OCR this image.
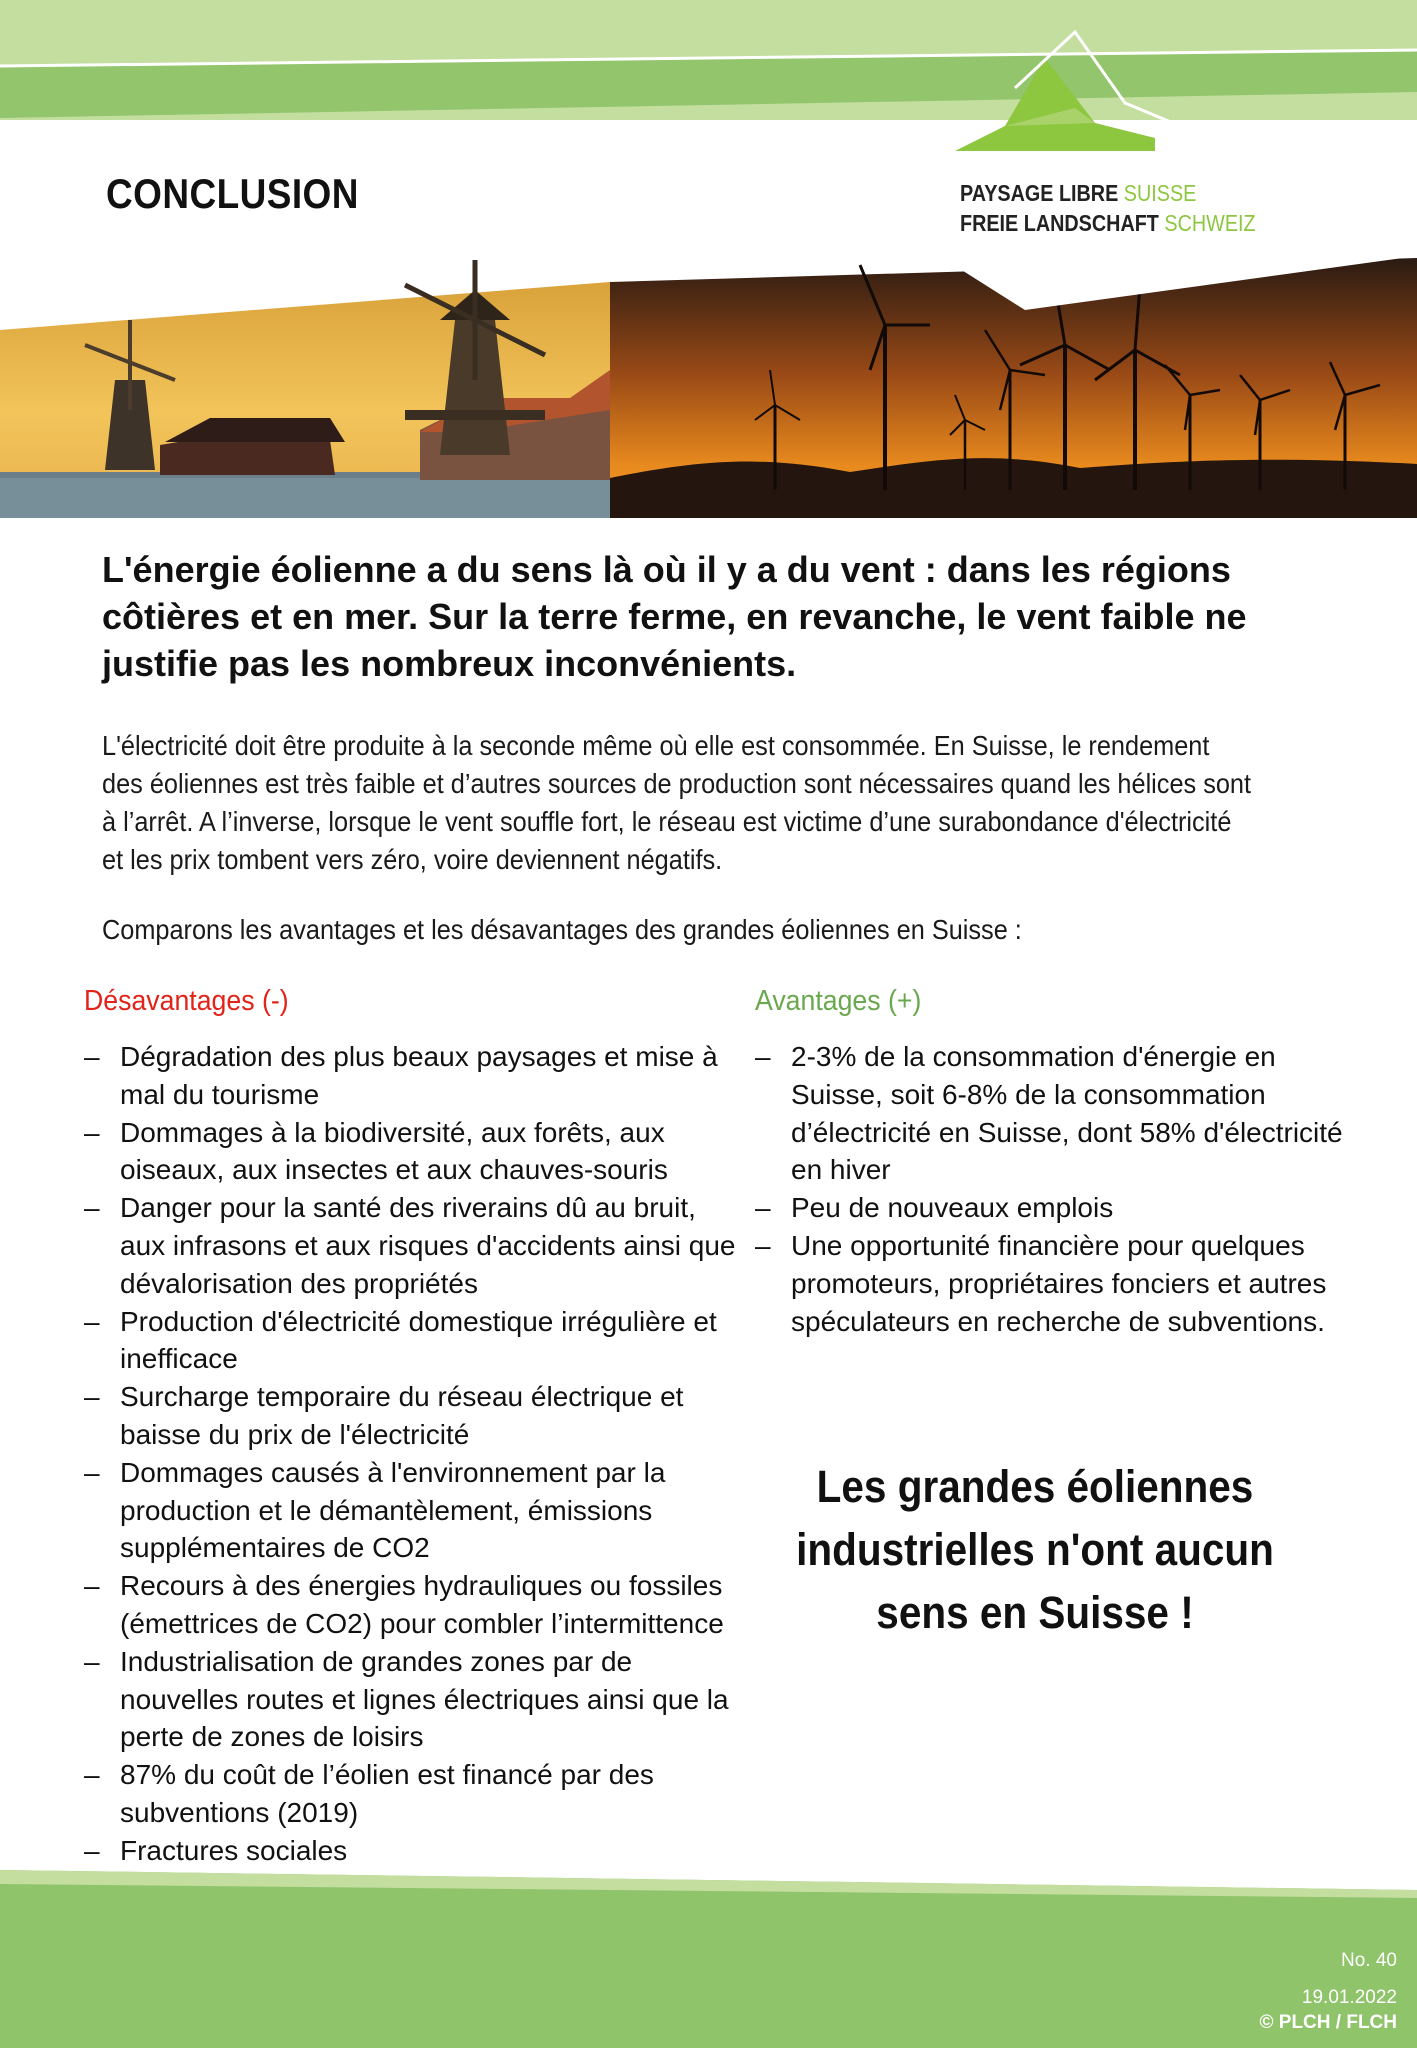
PAYSAGE LIBRE SUISSE
FREIE LANDSCHAFT SCHWEIZ
CONCLUSION
L'énergie éolienne a du sens là où il y a du vent : dans les régions côtières et en mer. Sur la terre ferme, en revanche, le vent faible ne justifie pas les nombreux inconvénients.
L'électricité doit être produite à la seconde même où elle est consommée. En Suisse, le rendement des éoliennes est très faible et d’autres sources de production sont nécessaires quand les hélices sont à l’arrêt. A l’inverse, lorsque le vent souffle fort, le réseau est victime d’une surabondance d'électricité et les prix tombent vers zéro, voire deviennent négatifs.
Comparons les avantages et les désavantages des grandes éoliennes en Suisse :
Désavantages (-)	Avantages (+)
– Dégradation des plus beaux paysages et mise à mal du tourisme
– Dommages à la biodiversité, aux forêts, aux oiseaux, aux insectes et aux chauves-souris
– Danger pour la santé des riverains dû au bruit, aux infrasons et aux risques d'accidents ainsi que dévalorisation des propriétés
– Production d'électricité domestique irrégulière et inefficace
– Surcharge temporaire du réseau électrique et baisse du prix de l'électricité
– Dommages causés à l'environnement par la production et le démantèlement, émissions supplémentaires de CO2
– Recours à des énergies hydrauliques ou fossiles (émettrices de CO2) pour combler l’intermittence
– Industrialisation de grandes zones par de nouvelles routes et lignes électriques ainsi que la perte de zones de loisirs
– 87% du coût de l’éolien est financé par des subventions (2019)
– Fractures sociales
– 2-3% de la consommation d'énergie en Suisse, soit 6-8% de la consommation d’électricité en Suisse, dont 58% d'électricité en hiver
– Peu de nouveaux emplois
– Une opportunité financière pour quelques promoteurs, propriétaires fonciers et autres spéculateurs en recherche de subventions.
Les grandes éoliennes industrielles n'ont aucun sens en Suisse !
No. 40
19.01.2022
© PLCH / FLCH
